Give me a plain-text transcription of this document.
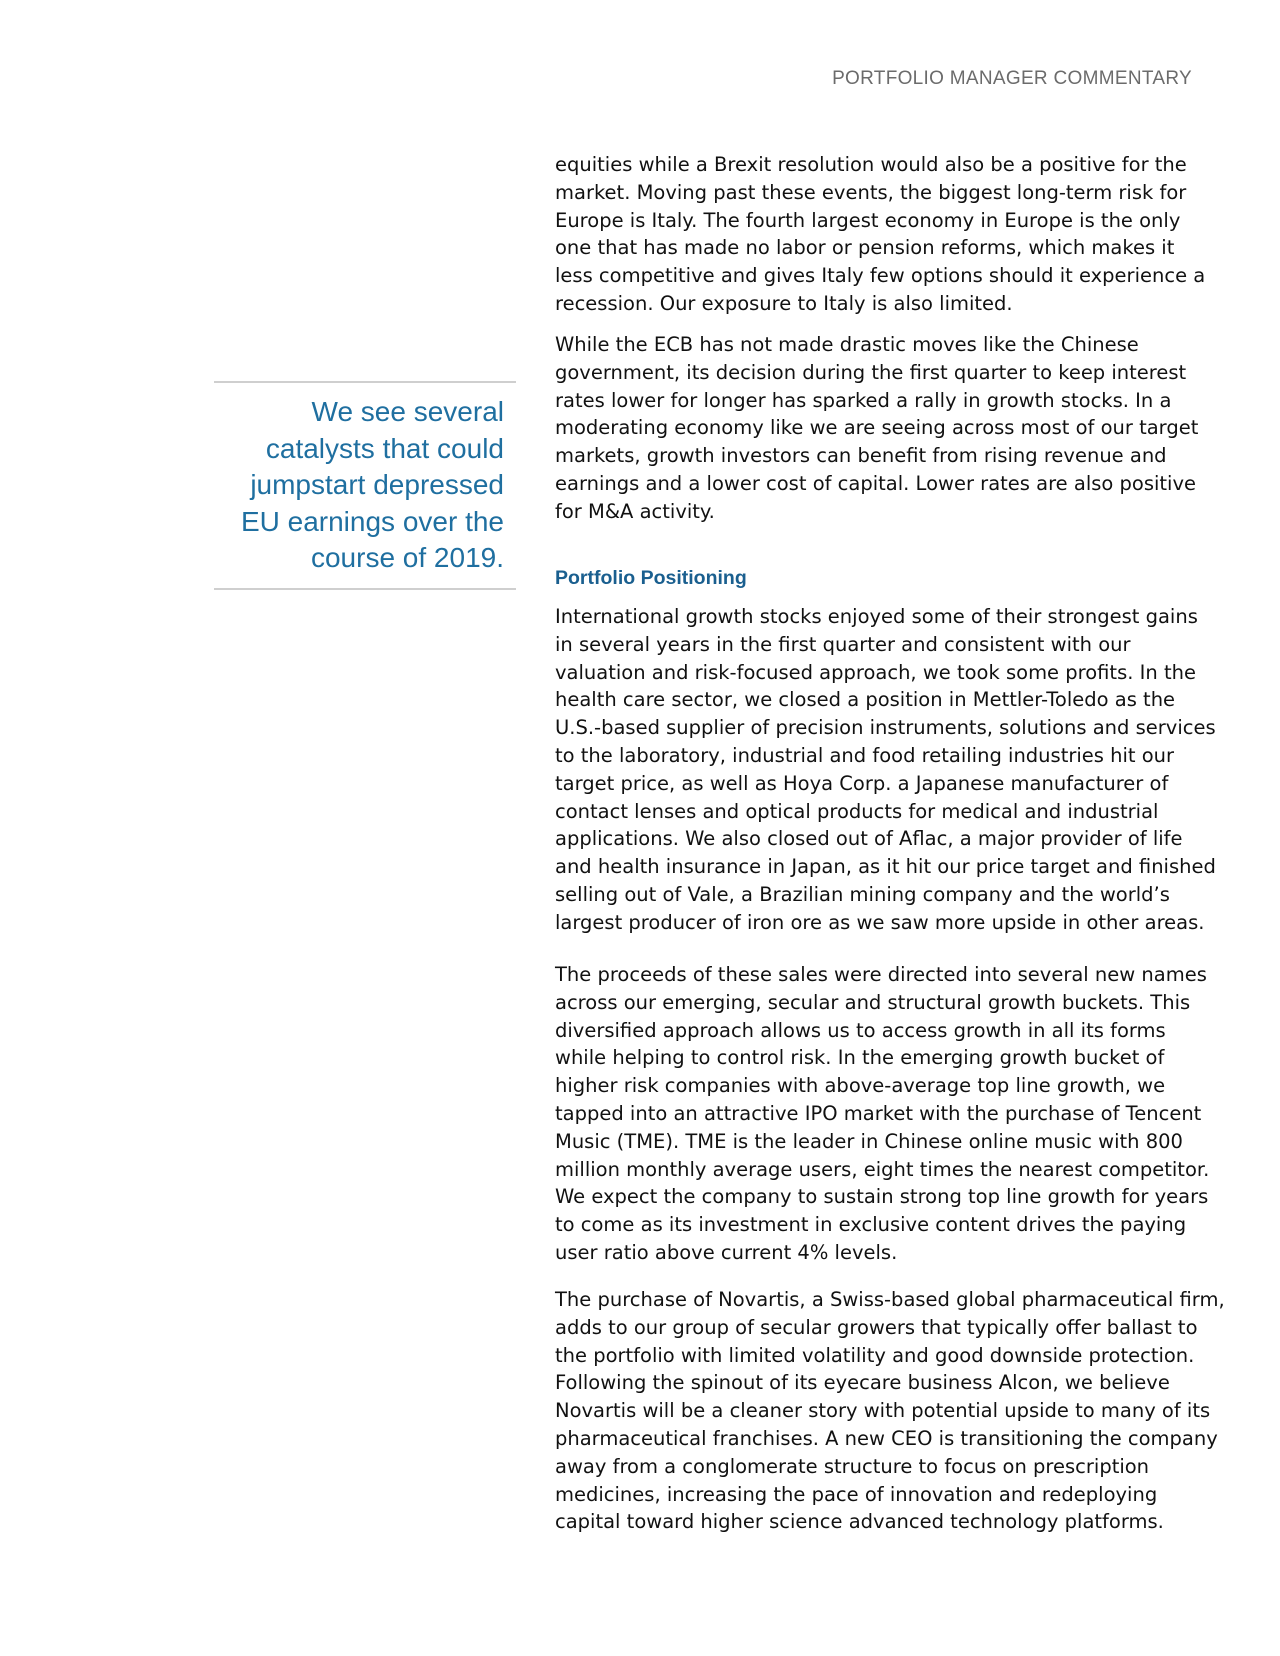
PORTFOLIO MANAGER COMMENTARY
We see several
catalysts that could
jumpstart depressed
EU earnings over the
course of 2019.
equities while a Brexit resolution would also be a positive for the
market. Moving past these events, the biggest long-term risk for
Europe is Italy. The fourth largest economy in Europe is the only
one that has made no labor or pension reforms, which makes it
less competitive and gives Italy few options should it experience a
recession. Our exposure to Italy is also limited.
While the ECB has not made drastic moves like the Chinese
government, its decision during the first quarter to keep interest
rates lower for longer has sparked a rally in growth stocks. In a
moderating economy like we are seeing across most of our target
markets, growth investors can benefit from rising revenue and
earnings and a lower cost of capital. Lower rates are also positive
for M&A activity.
Portfolio Positioning
International growth stocks enjoyed some of their strongest gains
in several years in the first quarter and consistent with our
valuation and risk-focused approach, we took some profits. In the
health care sector, we closed a position in Mettler-Toledo as the
U.S.-based supplier of precision instruments, solutions and services
to the laboratory, industrial and food retailing industries hit our
target price, as well as Hoya Corp. a Japanese manufacturer of
contact lenses and optical products for medical and industrial
applications. We also closed out of Aflac, a major provider of life
and health insurance in Japan, as it hit our price target and finished
selling out of Vale, a Brazilian mining company and the world’s
largest producer of iron ore as we saw more upside in other areas.
The proceeds of these sales were directed into several new names
across our emerging, secular and structural growth buckets. This
diversified approach allows us to access growth in all its forms
while helping to control risk. In the emerging growth bucket of
higher risk companies with above-average top line growth, we
tapped into an attractive IPO market with the purchase of Tencent
Music (TME). TME is the leader in Chinese online music with 800
million monthly average users, eight times the nearest competitor.
We expect the company to sustain strong top line growth for years
to come as its investment in exclusive content drives the paying
user ratio above current 4% levels.
The purchase of Novartis, a Swiss-based global pharmaceutical firm,
adds to our group of secular growers that typically offer ballast to
the portfolio with limited volatility and good downside protection.
Following the spinout of its eyecare business Alcon, we believe
Novartis will be a cleaner story with potential upside to many of its
pharmaceutical franchises. A new CEO is transitioning the company
away from a conglomerate structure to focus on prescription
medicines, increasing the pace of innovation and redeploying
capital toward higher science advanced technology platforms.
